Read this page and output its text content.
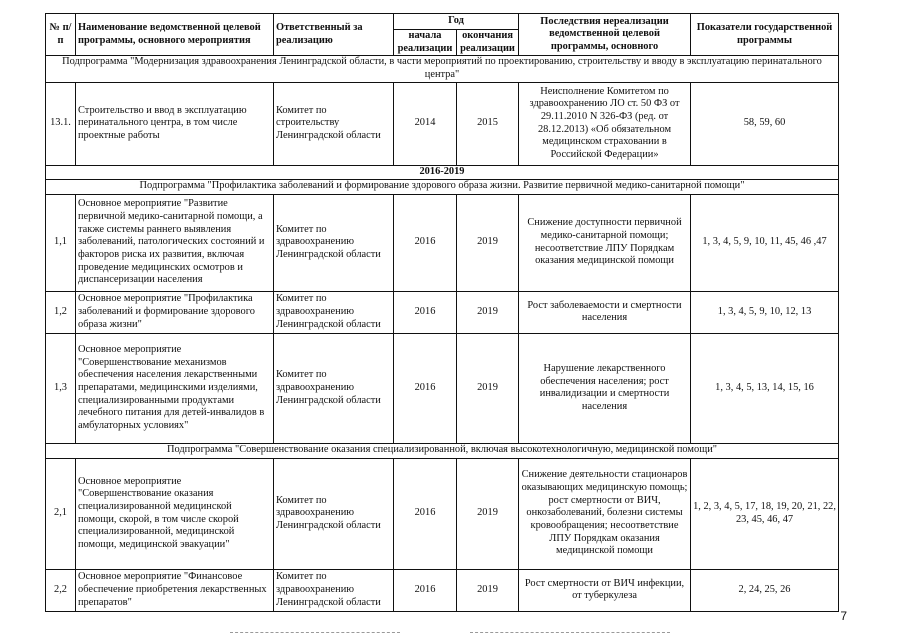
№ п/п	Наименование ведомственной целевой программы, основного мероприятия	Ответственный за реализацию	Год		Последствия нереализации ведомственной целевой программы, основного	Показатели государственной программы
			начала реализации	окончания реализации		
Подпрограмма "Модернизация здравоохранения Ленинградской области, в части мероприятий по проектированию, строительству и вводу в эксплуатацию перинатального центра"						
13.1.	Строительство и ввод в эксплуатацию перинатального центра, в том числе проектные работы	Комитет по строительству Ленинградской области	2014	2015	Неисполнение Комитетом по здравоохранению ЛО ст. 50 ФЗ от 29.11.2010 N 326-ФЗ (ред. от 28.12.2013) «Об обязательном медицинском страховании в Российской Федерации»	58, 59, 60
2016-2019						
Подпрограмма "Профилактика заболеваний и формирование здорового образа жизни. Развитие первичной медико-санитарной помощи"						
1,1	Основное мероприятие "Развитие первичной медико-санитарной помощи, а также системы раннего выявления заболеваний, патологических состояний и факторов риска их развития, включая проведение медицинских осмотров и диспансеризации населения	Комитет по здравоохранению Ленинградской области	2016	2019	Снижение доступности первичной медико-санитарной помощи; несоответствие ЛПУ Порядкам оказания медицинской помощи	1, 3, 4, 5, 9, 10, 11, 45, 46 ,47
1,2	Основное мероприятие "Профилактика заболеваний и формирование здорового образа жизни"	Комитет по здравоохранению Ленинградской области	2016	2019	Рост заболеваемости и смертности населения	1, 3, 4, 5, 9, 10, 12, 13
1,3	Основное мероприятие "Совершенствование механизмов обеспечения населения лекарственными препаратами, медицинскими изделиями, специализированными продуктами лечебного питания для детей-инвалидов в амбулаторных условиях"	Комитет по здравоохранению Ленинградской области	2016	2019	Нарушение лекарственного обеспечения населения; рост инвалидизации и смертности населения	1, 3, 4, 5, 13, 14, 15, 16
Подпрограмма "Совершенствование оказания специализированной, включая высокотехнологичную, медицинской помощи"						
2,1	Основное мероприятие "Совершенствование оказания специализированной медицинской помощи, скорой, в том числе скорой специализированной, медицинской помощи, медицинской эвакуации"	Комитет по здравоохранению Ленинградской области	2016	2019	Снижение деятельности стационаров оказывающих медицинскую помощь; рост смертности от ВИЧ, онкозаболеваний, болезни системы кровообращения; несоответствие ЛПУ Порядкам оказания медицинской помощи	1, 2, 3, 4, 5, 17, 18, 19, 20, 21, 22, 23, 45, 46, 47
2,2	Основное мероприятие "Финансовое обеспечение приобретения лекарственных препаратов"	Комитет по здравоохранению Ленинградской области	2016	2019	Рост смертности от ВИЧ инфекции, от туберкулеза	2, 24, 25, 26
7
